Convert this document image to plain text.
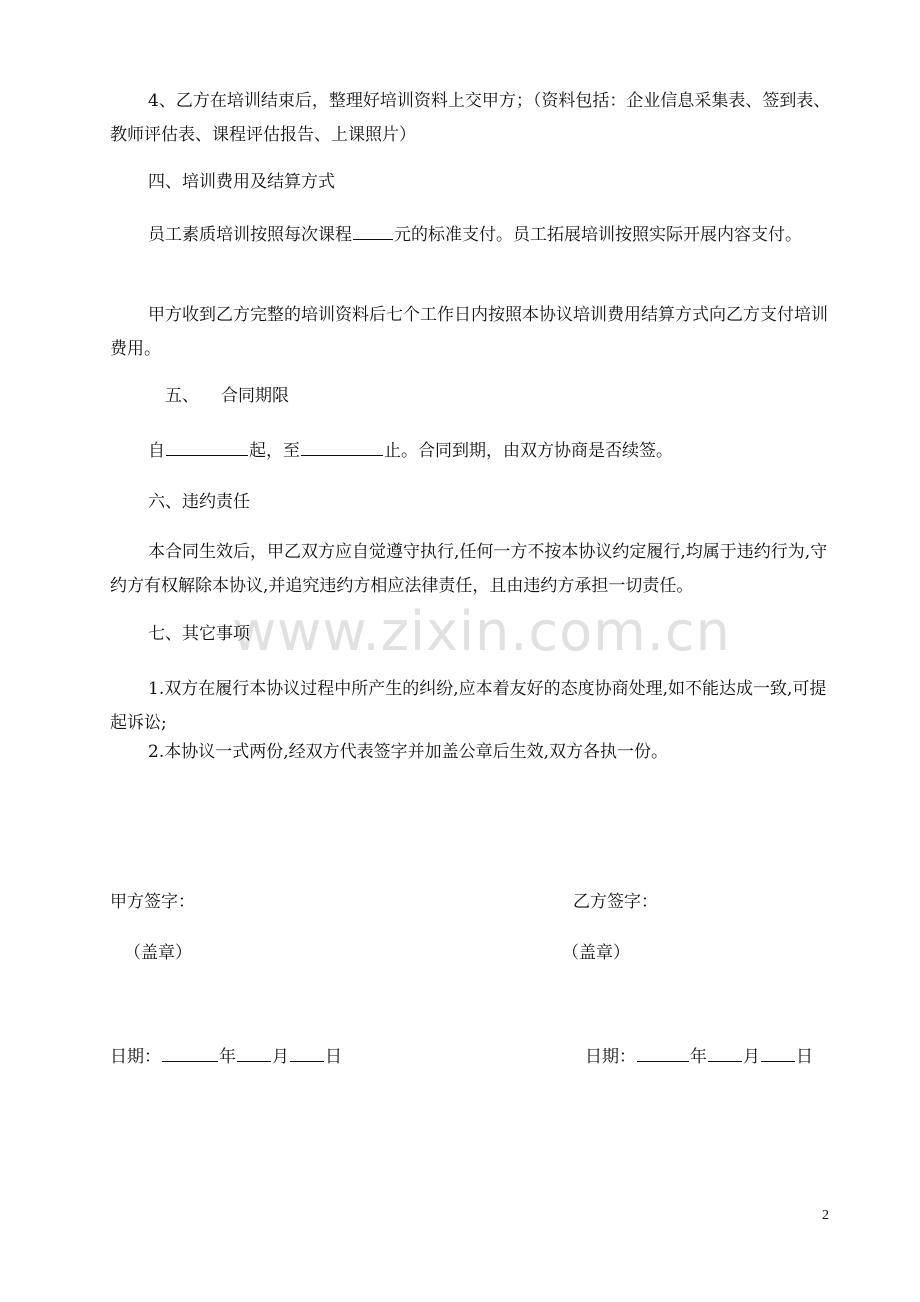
4、乙方在培训结束后，整理好培训资料上交甲方；（资料包括：企业信息采集表、签到表、教师评估表、课程评估报告、上课照片）

四、培训费用及结算方式

员工素质培训按照每次课程 元的标准支付。员工拓展培训按照实际开展内容支付。

甲方收到乙方完整的培训资料后七个工作日内按照本协议培训费用结算方式向乙方支付培训费用。

五、 合同期限
自	起，至	止。合同到期，由双方协商是否续签。
六、违约责任

本合同生效后，甲乙双方应自觉遵守执行,任何一方不按本协议约定履行,均属于违约行为,守约方有权解除本协议,并追究违约方相应法律责任，且由违约方承担一切责任。

www.zixin.com.cn
七、其它事项

1.双方在履行本协议过程中所产生的纠纷,应本着友好的态度协商处理,如不能达成一致,可提起诉讼;

2.本协议一式两份,经双方代表签字并加盖公章后生效,双方各执一份。

甲方签字：	乙方签字：
（盖章）	（盖章）
日期：	年 月 日	日期：	年 月 日
2
